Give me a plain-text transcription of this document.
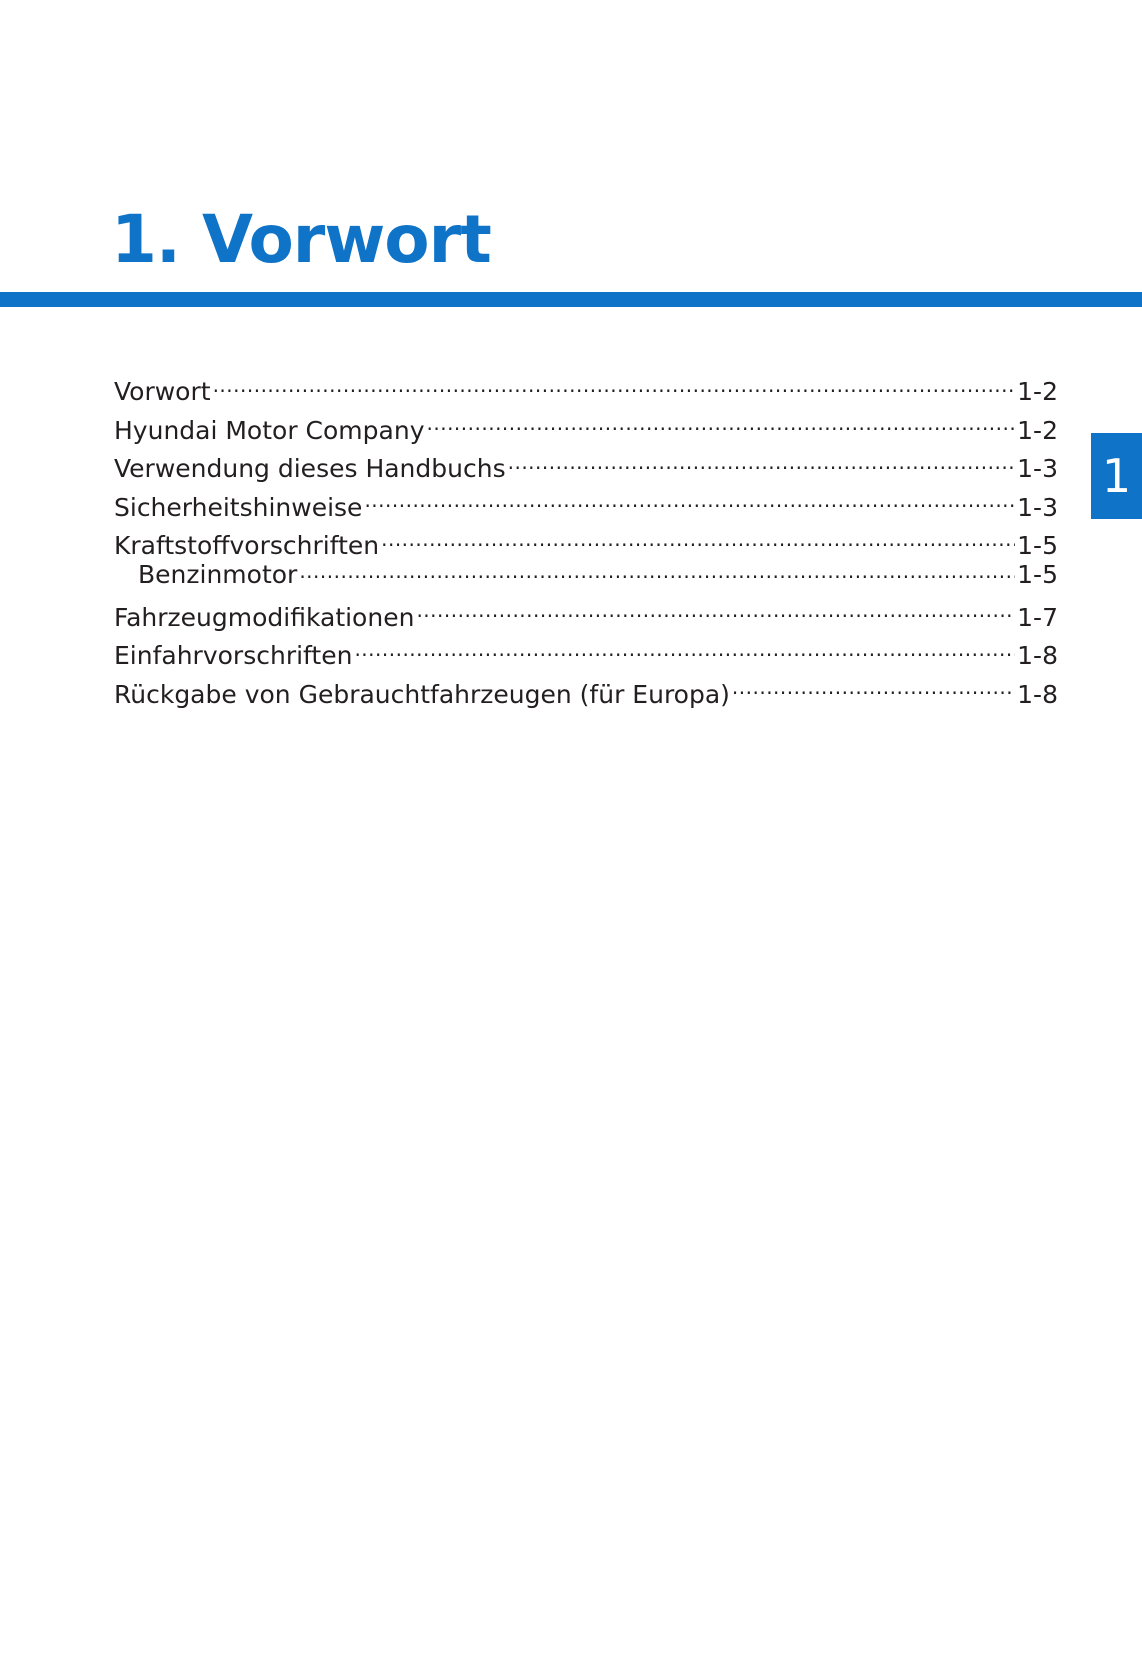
1. Vorwort
Vorwort .....	1-2
Hyundai Motor Company .....	1-2
Verwendung dieses Handbuchs .....	1-3
Sicherheitshinweise .....	1-3
Kraftstoffvorschriften .....	1-5
Benzinmotor .....	1-5
Fahrzeugmodifikationen .....	1-7
Einfahrvorschriften .....	1-8
Rückgabe von Gebrauchtfahrzeugen (für Europa) .....	1-8
1
